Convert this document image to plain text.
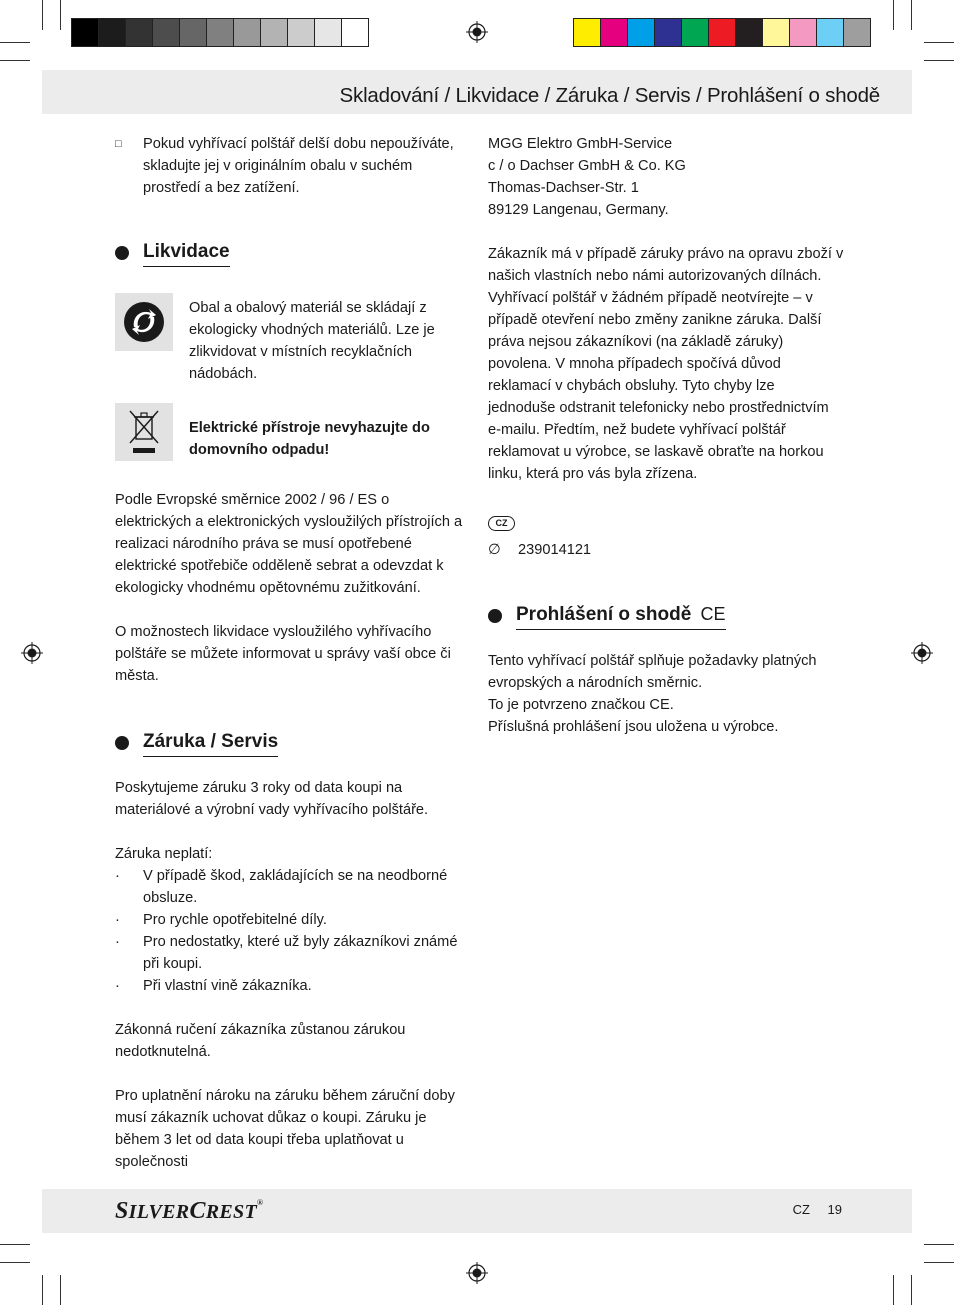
Skladování / Likvidace / Záruka / Servis / Prohlášení o shodě
□ Pokud vyhřívací polštář delší dobu nepoužíváte, skladujte jej v originálním obalu v suchém prostředí a bez zatížení.
Likvidace
Obal a obalový materiál se skládají z ekologicky vhodných materiálů. Lze je zlikvidovat v místních recyklačních nádobách.
Elektrické přístroje nevyhazujte do domovního odpadu!
Podle Evropské směrnice 2002 / 96 / ES o elektrických a elektronických vysloužilých přístrojích a realizaci národního práva se musí opotřebené elektrické spotřebiče odděleně sebrat a odevzdat k ekologicky vhodnému opětovnému zužitkování.
O možnostech likvidace vysloužilého vyhřívacího polštáře se můžete informovat u správy vaší obce či města.
Záruka / Servis
Poskytujeme záruku 3 roky od data koupi na materiálové a výrobní vady vyhřívacího polštáře.
Záruka neplatí:
· V případě škod, zakládajících se na neodborné obsluze.
· Pro rychle opotřebitelné díly.
· Pro nedostatky, které už byly zákazníkovi známé při koupi.
· Při vlastní vině zákazníka.
Zákonná ručení zákazníka zůstanou zárukou nedotknutelná.
Pro uplatnění nároku na záruku během záruční doby musí zákazník uchovat důkaz o koupi. Záruku je během 3 let od data koupi třeba uplatňovat u společnosti
MGG Elektro GmbH-Service
c / o Dachser GmbH & Co. KG
Thomas-Dachser-Str. 1
89129 Langenau, Germany.
Zákazník má v případě záruky právo na opravu zboží v našich vlastních nebo námi autorizovaných dílnách. Vyhřívací polštář v žádném případě neotvírejte – v případě otevření nebo změny zanikne záruka. Další práva nejsou zákazníkovi (na základě záruky) povolena. V mnoha případech spočívá důvod reklamací v chybách obsluhy. Tyto chyby lze jednoduše odstranit telefonicky nebo prostřednictvím e-mailu. Předtím, než budete vyhřívací polštář reklamovat u výrobce, se laskavě obraťte na horkou linku, která pro vás byla zřízena.
CZ
∅	239014121
Prohlášení o shodě CE
Tento vyhřívací polštář splňuje požadavky platných evropských a národních směrnic.
To je potvrzeno značkou CE.
Příslušná prohlášení jsou uložena u výrobce.
SILVERCREST®	CZ 19
